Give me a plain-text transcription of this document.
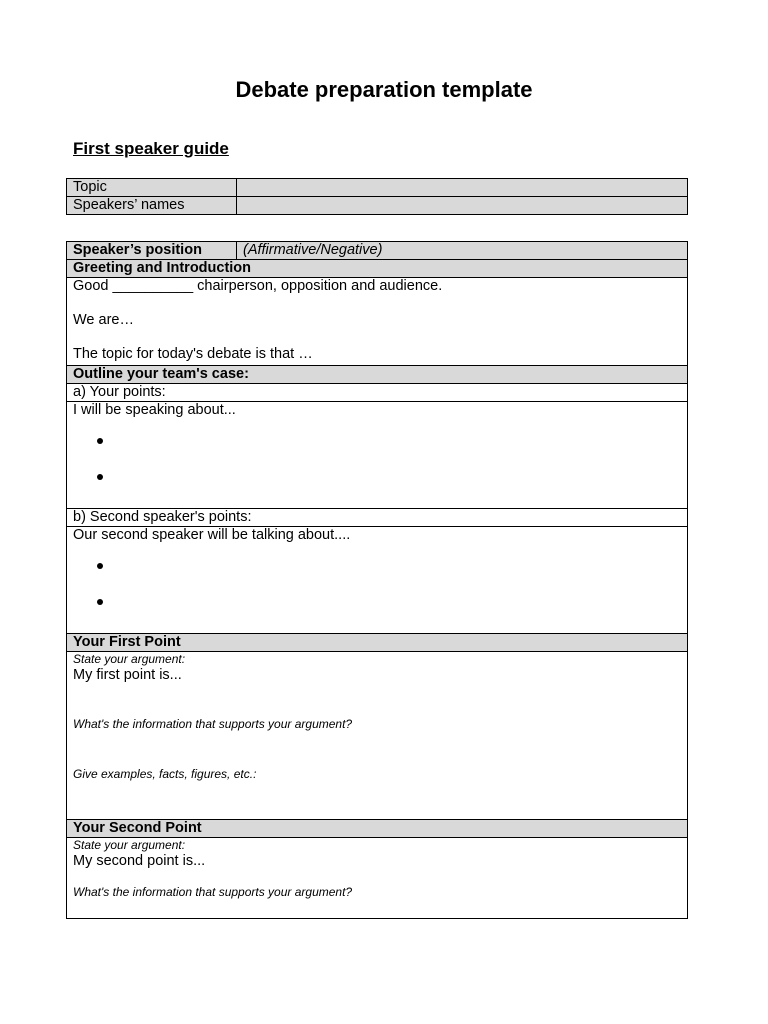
Debate preparation template

First speaker guide

Topic	
Speakers’ names	
Speaker’s position	(Affirmative/Negative)
Greeting and Introduction

Good __________ chairperson, opposition and audience.

We are…

The topic for today's debate is that …

Outline your team's case:
a) Your points:

I will be speaking about...

b) Second speaker's points:

Our second speaker will be talking about....

Your First Point

State your argument:

My first point is...

What's the information that supports your argument?

Give examples, facts, figures, etc.:

Your Second Point

State your argument:

My second point is...

What's the information that supports your argument?
